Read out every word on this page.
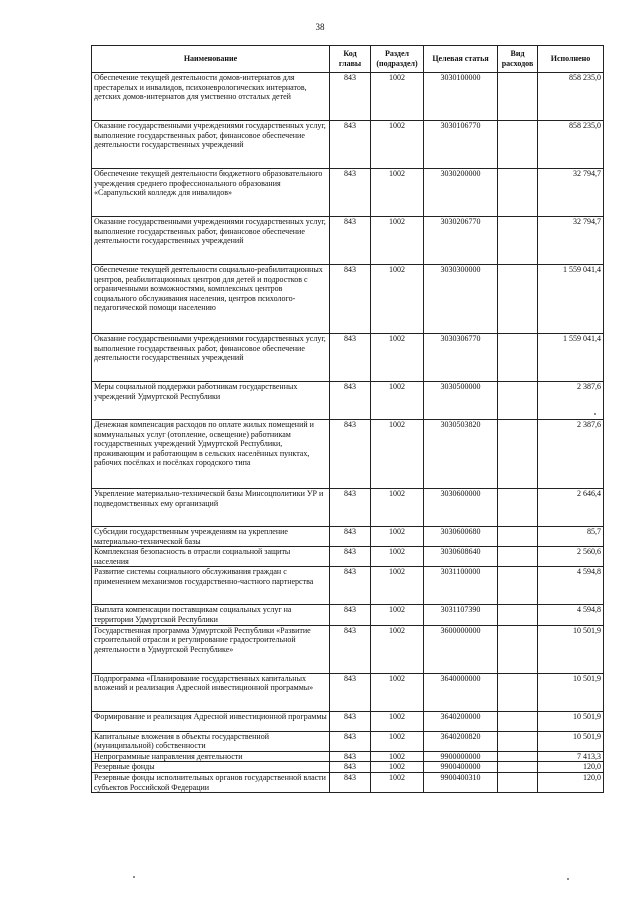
38
Наименование	Код главы	Раздел (подраздел)	Целевая статья	Вид расходов	Исполнено
Обеспечение текущей деятельности домов-интернатов для престарелых и инвалидов, психоневрологических интернатов, детских домов-интернатов для умственно отсталых детей	843	1002	3030100000		858 235,0
Оказание государственными учреждениями государственных услуг, выполнение государственных работ, финансовое обеспечение деятельности государственных учреждений	843	1002	3030106770		858 235,0
Обеспечение текущей деятельности бюджетного образовательного учреждения среднего профессионального образования «Сарапульский колледж для инвалидов»	843	1002	3030200000		32 794,7
Оказание государственными учреждениями государственных услуг, выполнение государственных работ, финансовое обеспечение деятельности государственных учреждений	843	1002	3030206770		32 794,7
Обеспечение текущей деятельности социально-реабилитационных центров, реабилитационных центров для детей и подростков с ограниченными возможностями, комплексных центров социального обслуживания населения, центров психолого-педагогической помощи населению	843	1002	3030300000		1 559 041,4
Оказание государственными учреждениями государственных услуг, выполнение государственных работ, финансовое обеспечение деятельности государственных учреждений	843	1002	3030306770		1 559 041,4
Меры социальной поддержки работникам государственных учреждений Удмуртской Республики	843	1002	3030500000		2 387,6
Денежная компенсация расходов по оплате жилых помещений и коммунальных услуг (отопление, освещение) работникам государственных учреждений Удмуртской Республики, проживающим и работающим в сельских населённых пунктах, рабочих посёлках и посёлках городского типа	843	1002	3030503820		2 387,6
Укрепление материально-технической базы Минсоцполитики УР и подведомственных ему организаций	843	1002	3030600000		2 646,4
Субсидии государственным учреждениям на укрепление материально-технической базы	843	1002	3030600680		85,7
Комплексная безопасность в отрасли социальной защиты населения	843	1002	3030608640		2 560,6
Развитие системы социального обслуживания граждан с применением механизмов государственно-частного партнерства	843	1002	3031100000		4 594,8
Выплата компенсации поставщикам социальных услуг на территории Удмуртской Республики	843	1002	3031107390		4 594,8
Государственная программа Удмуртской Республики «Развитие строительной отрасли и регулирование градостроительной деятельности в Удмуртской Республике»	843	1002	3600000000		10 501,9
Подпрограмма «Планирование государственных капитальных вложений и реализация Адресной инвестиционной программы»	843	1002	3640000000		10 501,9
Формирование и реализация Адресной инвестиционной программы	843	1002	3640200000		10 501,9
Капитальные вложения в объекты государственной (муниципальной) собственности	843	1002	3640200820		10 501,9
Непрограммные направления деятельности	843	1002	9900000000		7 413,3
Резервные фонды	843	1002	9900400000		120,0
Резервные фонды исполнительных органов государственной власти субъектов Российской Федерации	843	1002	9900400310		120,0
